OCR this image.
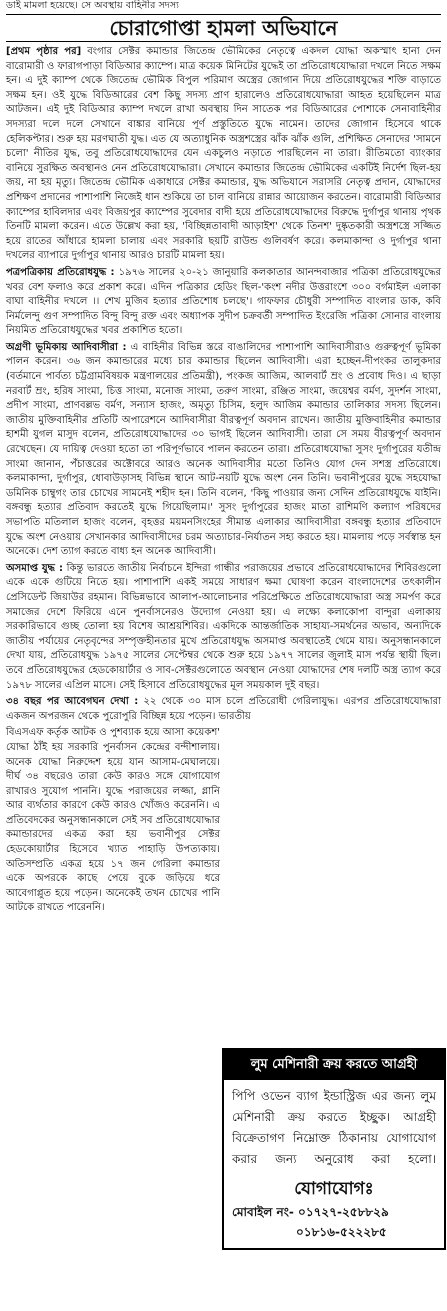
ডাই মামলা হয়েছে। সে অবস্থায় বাহিনীর সদস্য
চোরাগোপ্তা হামলা অভিযানে

[প্রথম পৃষ্ঠার পর] বংগার সেক্টর কমান্ডার জিতেন্দ্র ভৌমিকের নেতৃত্বে একদল যোদ্ধা অকস্মাৎ হানা দেন বারোমারী ও ফারাগপাড়া বিডিআর ক্যাম্পে। মাত্র কয়েক মিনিটের যুদ্ধেই তা প্রতিরোধযোদ্ধারা দখলে নিতে সক্ষম হন। এ দুই ক্যাম্প থেকে জিতেন্দ্র ভৌমিক বিপুল পরিমাণ অস্ত্রের জোগান দিয়ে প্রতিরোধযুদ্ধের শক্তি বাড়াতে সক্ষম হন। ওই যুদ্ধে বিডিআরের বেশ কিছু সদস্য প্রাণ হারালেও প্রতিরোধযোদ্ধারা আহত হয়েছিলেন মাত্র আটজন। এই দুই বিডিআর ক্যাম্প দখলে রাখা অবস্থায় দিন সাতেক পর বিডিআরের পোশাকে সেনাবাহিনীর সদস্যরা দলে দলে সেখানে বাঙ্কার বানিয়ে পূর্ণ প্রস্তুতিতে যুদ্ধে নামেন। তাদের জোগান হিসেবে থাকে হেলিকপ্টার। শুরু হয় মরণঘাতী যুদ্ধ। এত যে অত্যাধুনিক অস্ত্রশস্ত্রের ঝাঁক ঝাঁক গুলি, প্রশিক্ষিত সেনাদের 'সামনে চলো' নীতির যুদ্ধ, তবু প্রতিরোধযোদ্ধাদের যেন একচুলও নড়াতে পারছিলেন না তারা। রীতিমতো ব্যাংকার বানিয়ে সুরক্ষিত অবস্থানও নেন প্রতিরোধযোদ্ধারা। সেখানে কমান্ডার জিতেন্দ্র ভৌমিকের একটিই নির্দেশ ছিল-হয় জয়, না হয় মৃত্যু। জিতেন্দ্র ভৌমিক একাধারে সেক্টর কমান্ডার, যুদ্ধ অভিযানে সরাসরি নেতৃত্ব প্রদান, যোদ্ধাদের প্রশিক্ষণ প্রদানের পাশাপাশি নিজেই ধান শুকিয়ে তা চাল বানিয়ে রান্নার আয়োজন করতেন। বারোমারী বিডিআর ক্যাম্পের হাবিলদার এবং বিজয়পুর ক্যাম্পের সুবেদার বাদী হয়ে প্রতিরোধযোদ্ধাদের বিরুদ্ধে দুর্গাপুর থানায় পৃথক তিনটি মামলা করেন। এতে উল্লেখ করা হয়, 'বিচ্ছিন্নতাবাদী আড়াইশ' থেকে তিনশ' দুষ্কৃতকারী অস্ত্রশস্ত্রে সজ্জিত হয়ে রাতের আঁধারে হামলা চালায় এবং সরকারি ছয়টি রাউন্ড গুলিবর্ষণ করে। কলমাকান্দা ও দুর্গাপুর থানা দখলের ব্যাপারে দুর্গাপুর থানায় আরও চারটি মামলা হয়।

পত্রপত্রিকায় প্রতিরোধযুদ্ধ : ১৯৭৬ সালের ২০-২১ জানুয়ারি কলকাতার আনন্দবাজার পত্রিকা প্রতিরোধযুদ্ধের খবর বেশ ফলাও করে প্রকাশ করে। এদিন পত্রিকার হেডিং ছিল-'কংশ নদীর উত্তরাংশে ৩০০ বর্গমাইল এলাকা বাঘা বাহিনীর দখলে ।। শেখ মুজিব হত্যার প্রতিশোধ চলছে'। গাফফার চৌধুরী সম্পাদিত বাংলার ডাক, কবি নির্মলেন্দু গুণ সম্পাদিত বিন্দু বিন্দু রক্ত এবং অধ্যাপক সুদীপ চক্রবর্তী সম্পাদিত ইংরেজি পত্রিকা সোনার বাংলায় নিয়মিত প্রতিরোধযুদ্ধের খবর প্রকাশিত হতো।

অগ্রণী ভূমিকায় আদিবাসীরা : এ বাহিনীর বিভিন্ন স্তরে বাঙালিদের পাশাপাশি আদিবাসীরাও গুরুত্বপূর্ণ ভূমিকা পালন করেন। ৩৬ জন কমান্ডারের মধ্যে চার কমান্ডার ছিলেন আদিবাসী। এরা হচ্ছেন-দীপংকর তালুকদার (বর্তমানে পার্বত্য চট্টগ্রামবিষয়ক মন্ত্রণালয়ের প্রতিমন্ত্রী), পংকজ আজিম, আলবার্ট ম্রং ও প্রবোধ দিও। এ ছাড়া নরবার্ট ম্রং, হরিষ সাংমা, চিত্ত সাংমা, মনোজ সাংমা, তরুণ সাংমা, রঞ্জিত সাংমা, জয়েশ্বর বর্মণ, সুদর্শন সাংমা, প্রদীপ সাংমা, প্রাণবল্লভ বর্মণ, সন্যাস হাজং, অমৃত্যু চিসিম, হলুদ আজিম কমান্ডার তালিকার সদস্য ছিলেন। জাতীয় মুক্তিবাহিনীর প্রতিটি অপারেশনে আদিবাসীরা বীরত্বপূর্ণ অবদান রাখেন। জাতীয় মুক্তিবাহিনীর কমান্ডার হাশমী যুগল মাসুদ বলেন, প্রতিরোধযোদ্ধাদের ৩০ ভাগই ছিলেন আদিবাসী। তারা সে সময় বীরত্বপূর্ণ অবদান রেখেছেন। যে দায়িত্ব দেওয়া হতো তা পরিপূর্ণভাবে পালন করতেন তারা। প্রতিরোধযোদ্ধা সুসং দুর্গাপুরের যতীন্দ্র সাংমা জানান, পঁচাত্তরের অক্টোবরে আরও অনেক আদিবাসীর মতো তিনিও যোগ দেন সশস্ত্র প্রতিরোধে। কলমাকান্দা, দুর্গাপুর, ধোবাউড়াসহ বিভিন্ন স্থানে আট-নয়টি যুদ্ধে অংশ নেন তিনি। ভবানীপুরের যুদ্ধে সহযোদ্ধা ডমিনিক চাম্বুগং তার চোখের সামনেই শহীদ হন। তিনি বলেন, 'কিছু পাওয়ার জন্য সেদিন প্রতিরোধযুদ্ধে যাইনি। বঙ্গবন্ধু হত্যার প্রতিবাদ করতেই যুদ্ধে গিয়েছিলাম।' সুসং দুর্গাপুরের হাজং মাতা রাশিমণি কল্যাণ পরিষদের সভাপতি মতিলাল হাজং বলেন, বৃহত্তর ময়মনসিংহের সীমান্ত এলাকার আদিবাসীরা বঙ্গবন্ধু হত্যার প্রতিবাদে যুদ্ধে অংশ নেওয়ায় সেখানকার আদিবাসীদের চরম অত্যাচার-নির্যাতন সহ্য করতে হয়। মামলায় পড়ে সর্বস্বান্ত হন অনেকে। দেশ ত্যাগ করতে বাধ্য হন অনেক আদিবাসী।

অসমাপ্ত যুদ্ধ : কিন্তু ভারতে জাতীয় নির্বাচনে ইন্দিরা গান্ধীর পরাজয়ের প্রভাবে প্রতিরোধযোদ্ধাদের শিবিরগুলো একে একে গুটিয়ে নিতে হয়। পাশাপাশি একই সময়ে সাধারণ ক্ষমা ঘোষণা করেন বাংলাদেশের তৎকালীন প্রেসিডেন্ট জিয়াউর রহমান। বিভিন্নভাবে আলাপ-আলোচনার পরিপ্রেক্ষিতে প্রতিরোধযোদ্ধারা অস্ত্র সমর্পণ করে সমাজের দেশে ফিরিয়ে এনে পুনর্বাসনেরও উদ্যোগ নেওয়া হয়। এ লক্ষ্যে কলাকোপা বান্দুরা এলাকায় সরকারিভাবে গুচ্ছ তোলা হয় বিশেষ আশ্রয়শিবির। একদিকে আন্তর্জাতিক সাহায্য-সমর্থনের অভাব, অন্যদিকে জাতীয় পর্যায়ের নেতৃবৃন্দের সম্পৃক্তহীনতার মুখে প্রতিরোধযুদ্ধ অসমাপ্ত অবস্থাতেই থেমে যায়। অনুসন্ধানকালে দেখা যায়, প্রতিরোধযুদ্ধ ১৯৭৫ সালের সেপ্টেম্বর থেকে শুরু হয়ে ১৯৭৭ সালের জুলাই মাস পর্যন্ত স্থায়ী ছিল। তবে প্রতিরোধযুদ্ধের হেডকোয়ার্টার ও সাব-সেক্টরগুলোতে অবস্থান নেওয়া যোদ্ধাদের শেষ দলটি অস্ত্র ত্যাগ করে ১৯৭৮ সালের এপ্রিল মাসে। সেই হিসাবে প্রতিরোধযুদ্ধের মূল সময়কাল দুই বছর।

৩৪ বছর পর আবেগঘন দেখা : ২২ থেকে ৩০ মাস চলে প্রতিরোধী গেরিলাযুদ্ধ। এরপর প্রতিরোধযোদ্ধারা একজন অপরজন থেকে পুরোপুরি বিচ্ছিন্ন হয়ে পড়েন। ভারতীয়

বিএসএফ কর্তৃক আটক ও পুশব্যাক হয়ে আসা কয়েকশ' যোদ্ধা ঠাঁই হয় সরকারি পুনর্বাসন কেন্দ্রের বন্দীশালায়। অনেক যোদ্ধা নিরুদ্দেশ হয়ে যান আসাম-মেঘালয়ে। দীর্ঘ ৩৪ বছরেও তারা কেউ কারও সঙ্গে যোগাযোগ রাখারও সুযোগ পাননি। যুদ্ধে পরাজয়ের লজ্জা, গ্লানি আর ব্যর্থতার কারণে কেউ কারও খোঁজও করেননি। এ প্রতিবেদকের অনুসন্ধানকালে সেই সব প্রতিরোধযোদ্ধার কমান্ডারদের একত্র করা হয় ভবানীপুর সেক্টর হেডকোয়ার্টার হিসেবে খ্যাত পাহাড়ি উপত্যকায়। অতিসম্প্রতি একত্র হয়ে ১৭ জন গেরিলা কমান্ডার একে অপরকে কাছে পেয়ে বুকে জড়িয়ে ধরে আবেগাপ্লুত হয়ে পড়েন। অনেকেই তখন চোখের পানি আটকে রাখতে পারেননি।
লুম মেশিনারী ক্রয় করতে আগ্রহী
পিপি ওভেন ব্যাগ ইন্ডাস্ট্রিজ এর জন্য লুম মেশিনারী ক্রয় করতে ইচ্ছুক। আগ্রহী বিক্রেতাগণ নিম্নোক্ত ঠিকানায় যোগাযোগ করার জন্য অনুরোধ করা হলো।
যোগাযোগঃ
মোবাইল নং- ০১৭২৭-২৫৮৮২৯
০১৮১৬-৫২২২৮৫
